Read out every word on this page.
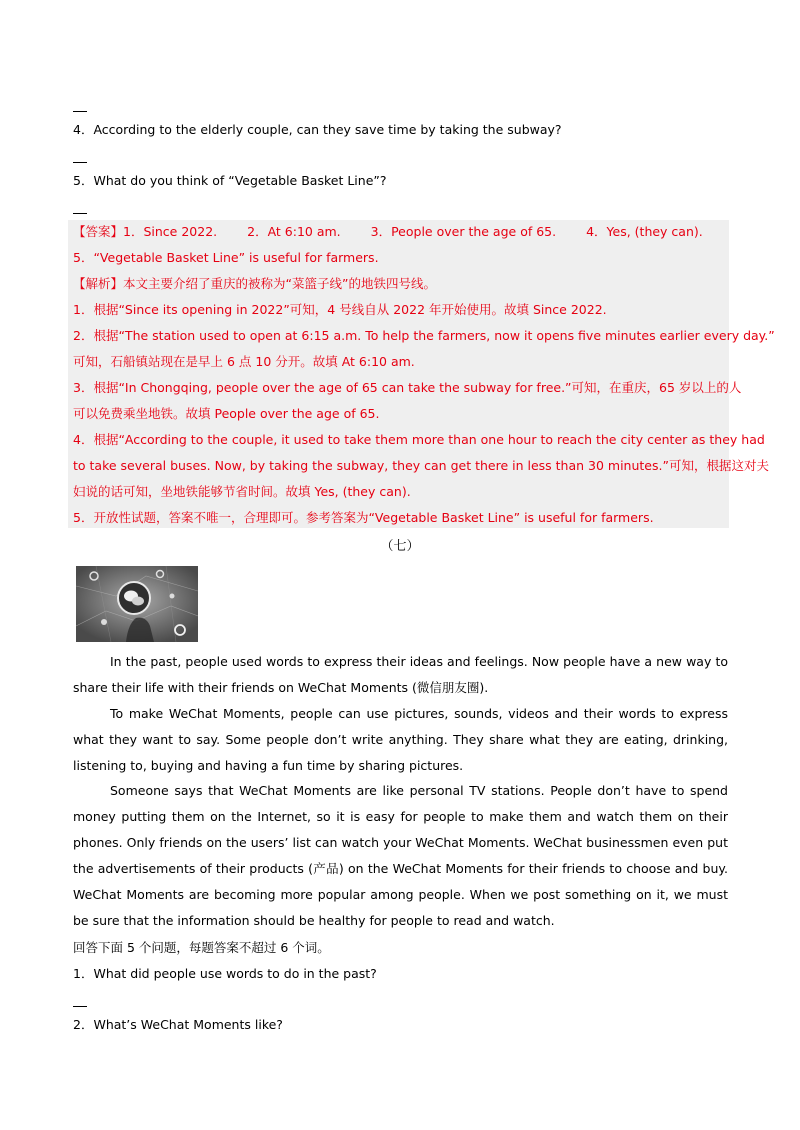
4．According to the elderly couple, can they save time by taking the subway?
5．What do you think of “Vegetable Basket Line”?
【答案】1．Since 2022. 2．At 6:10 am. 3．People over the age of 65. 4．Yes, (they can).
5．“Vegetable Basket Line” is useful for farmers.
【解析】本文主要介绍了重庆的被称为“菜篮子线”的地铁四号线。
1．根据“Since its opening in 2022”可知，4 号线自从 2022 年开始使用。故填 Since 2022.
2．根据“The station used to open at 6:15 a.m. To help the farmers, now it opens five minutes earlier every day.”
可知，石船镇站现在是早上 6 点 10 分开。故填 At 6:10 am.
3．根据“In Chongqing, people over the age of 65 can take the subway for free.”可知，在重庆，65 岁以上的人
可以免费乘坐地铁。故填 People over the age of 65.
4．根据“According to the couple, it used to take them more than one hour to reach the city center as they had
to take several buses. Now, by taking the subway, they can get there in less than 30 minutes.”可知，根据这对夫
妇说的话可知，坐地铁能够节省时间。故填 Yes, (they can).
5．开放性试题，答案不唯一，合理即可。参考答案为“Vegetable Basket Line” is useful for farmers.
（七）
In the past, people used words to express their ideas and feelings. Now people have a new way to share their life with their friends on WeChat Moments (微信朋友圈).
To make WeChat Moments, people can use pictures, sounds, videos and their words to express what they want to say. Some people don’t write anything. They share what they are eating, drinking, listening to, buying and having a fun time by sharing pictures.
Someone says that WeChat Moments are like personal TV stations. People don’t have to spend money putting them on the Internet, so it is easy for people to make them and watch them on their phones. Only friends on the users’ list can watch your WeChat Moments. WeChat businessmen even put the advertisements of their products (产品) on the WeChat Moments for their friends to choose and buy. WeChat Moments are becoming more popular among people. When we post something on it, we must be sure that the information should be healthy for people to read and watch.
回答下面 5 个问题，每题答案不超过 6 个词。
1．What did people use words to do in the past?
2．What’s WeChat Moments like?
